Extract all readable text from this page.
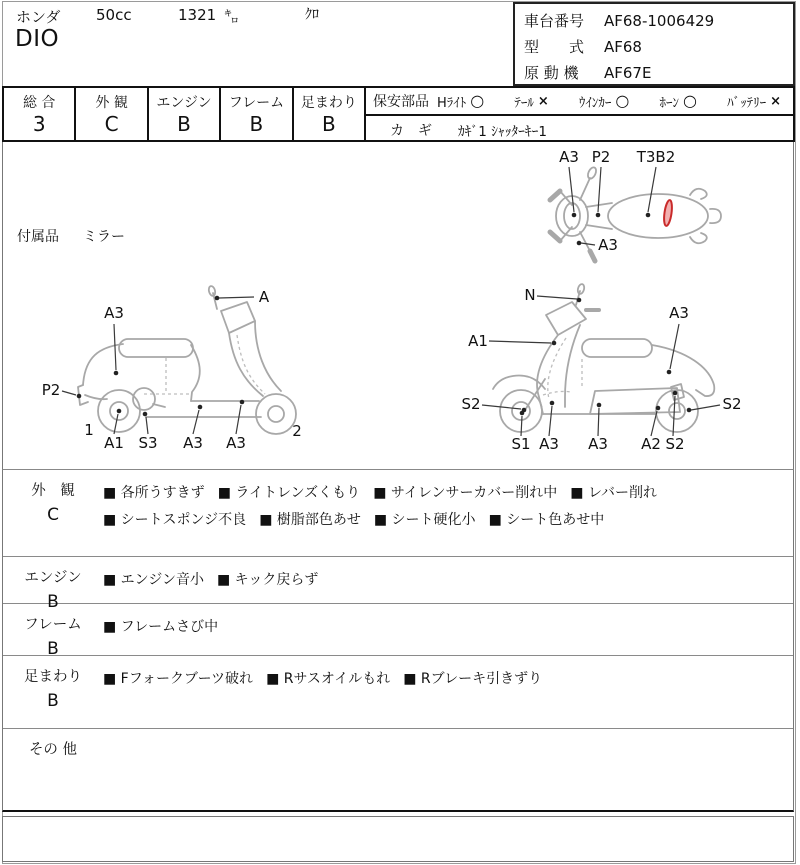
ホンダ 50cc	1321 ㌔	ｸﾛ
DIO
車台番号 AF68-1006429
型　　式 AF68
原 動 機 AF67E
総 合
3
外 観
C
エンジン
B
フレーム
B
足まわり
B
保安部品 Hﾗｲﾄ ○ ﾃｰﾙ × ｳｲﾝｶｰ ○ ﾎｰﾝ ○ ﾊﾞｯﾃﾘｰ ×
カ　ギ ｶｷﾞ1 ｼｬｯﾀｰｷｰ1
付属品 ミラー
A3 P2 T3B2
A3
A
A3
P2
1
A1 S3 A3 A3
2
N
A3
A1
S2
S1 A3 A3 A2 S2
S2
外　観
C
■ 各所うすきず ■ ライトレンズくもり ■ サイレンサーカバー削れ中 ■ レバー削れ■ シートスポンジ不良 ■ 樹脂部色あせ ■ シート硬化小 ■ シート色あせ中
エンジン
B
■ エンジン音小 ■ キック戻らず
フレーム
B
■ フレームさび中
足まわり
B
■ Fフォークブーツ破れ ■ Rサスオイルもれ ■ Rブレーキ引きずり
その 他
